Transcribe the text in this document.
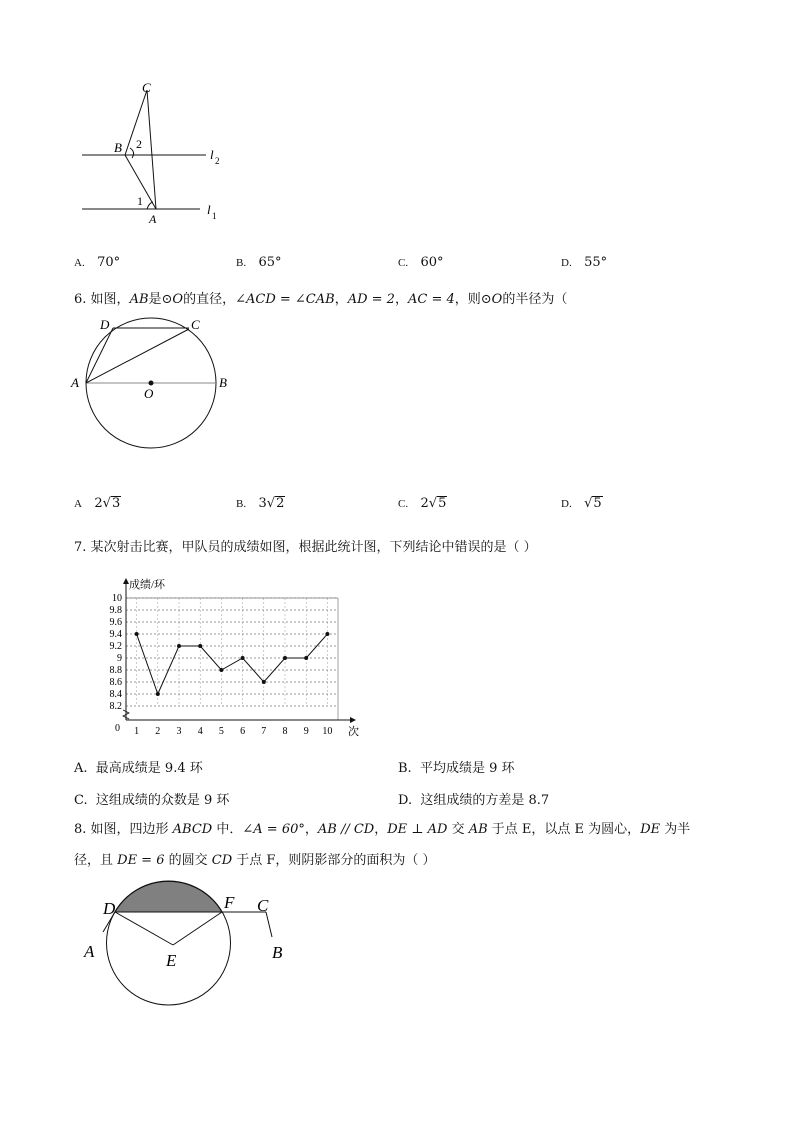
C
B 2
1
A
l 2
l 1
A. 70°	B. 65°	C. 60°	D. 55°
6. 如图，AB是⊙O的直径，∠ACD = ∠CAB，AD = 2，AC = 4，则⊙O的半径为（
D	C
A	B
O
A 2√3	B. 3√2	C. 2√5	D. √5
7. 某次射击比赛，甲队员的成绩如图，根据此统计图，下列结论中错误的是（ ）
8.2
8.4
8.6
8.8
9
9.2
9.4
9.6
9.8
10
0 1 2 3 4 5 6 7 8 9 10
成绩/环
次
A. 最高成绩是 9.4 环	B. 平均成绩是 9 环
C. 这组成绩的众数是 9 环	D. 这组成绩的方差是 8.7
8. 如图，四边形 ABCD 中．∠A = 60°，AB // CD，DE ⊥ AD 交 AB 于点 E，以点 E 为圆心，DE 为半
径，且 DE = 6 的圆交 CD 于点 F，则阴影部分的面积为（ ）
D	F C
A	E	B
